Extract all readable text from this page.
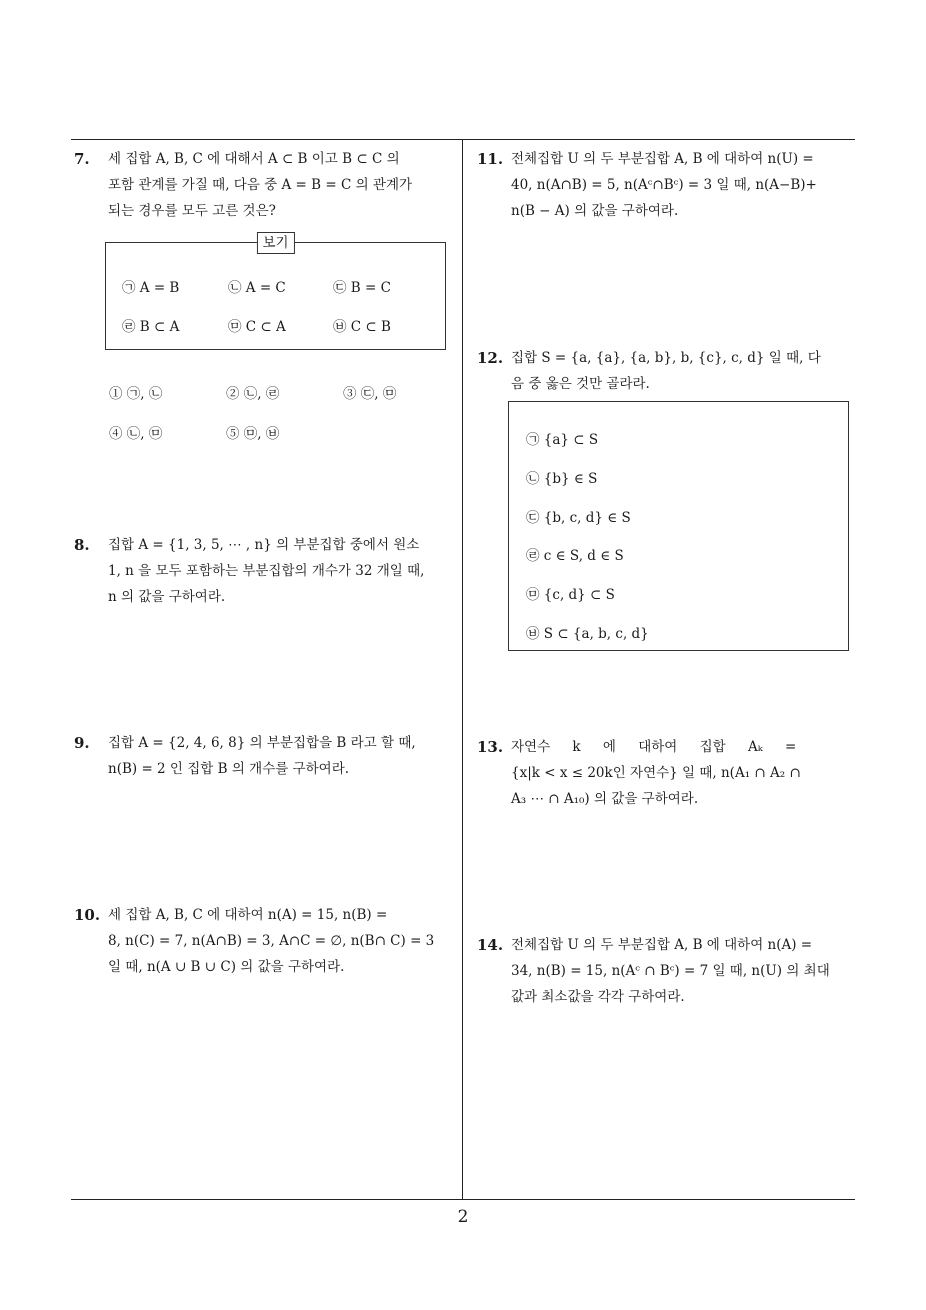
7. 세 집합 A, B, C 에 대해서 A ⊂ B 이고 B ⊂ C 의
포함 관계를 가질 때, 다음 중 A = B = C 의 관계가
되는 경우를 모두 고른 것은?
보기
㉠ A = B	㉡ A = C	㉢ B = C
㉣ B ⊂ A	㉤ C ⊂ A	㉥ C ⊂ B
① ㉠, ㉡	② ㉡, ㉣	③ ㉢, ㉤
④ ㉡, ㉤	⑤ ㉤, ㉥
8. 집합 A = {1, 3, 5, ⋯ , n} 의 부분집합 중에서 원소
1, n 을 모두 포함하는 부분집합의 개수가 32 개일 때,
n 의 값을 구하여라.
9. 집합 A = {2, 4, 6, 8} 의 부분집합을 B 라고 할 때,
n(B) = 2 인 집합 B 의 개수를 구하여라.
10. 세 집합 A, B, C 에 대하여 n(A) = 15, n(B) =
8, n(C) = 7, n(A∩B) = 3, A∩C = ∅, n(B∩ C) = 3
일 때, n(A ∪ B ∪ C) 의 값을 구하여라.
11. 전체집합 U 의 두 부분집합 A, B 에 대하여 n(U) =
40, n(A∩B) = 5, n(Aᶜ∩Bᶜ) = 3 일 때, n(A−B)+
n(B − A) 의 값을 구하여라.
12. 집합 S = {a, {a}, {a, b}, b, {c}, c, d} 일 때, 다
음 중 옳은 것만 골라라.
㉠ {a} ⊂ S
㉡ {b} ∈ S
㉢ {b, c, d} ∈ S
㉣ c ∈ S, d ∈ S
㉤ {c, d} ⊂ S
㉥ S ⊂ {a, b, c, d}
13. 자연수 k 에 대하여 집합 Aₖ =
{x|k < x ≤ 20k인 자연수} 일 때, n(A₁ ∩ A₂ ∩
A₃ ⋯ ∩ A₁₀) 의 값을 구하여라.
14. 전체집합 U 의 두 부분집합 A, B 에 대하여 n(A) =
34, n(B) = 15, n(Aᶜ ∩ Bᶜ) = 7 일 때, n(U) 의 최대
값과 최소값을 각각 구하여라.
2
